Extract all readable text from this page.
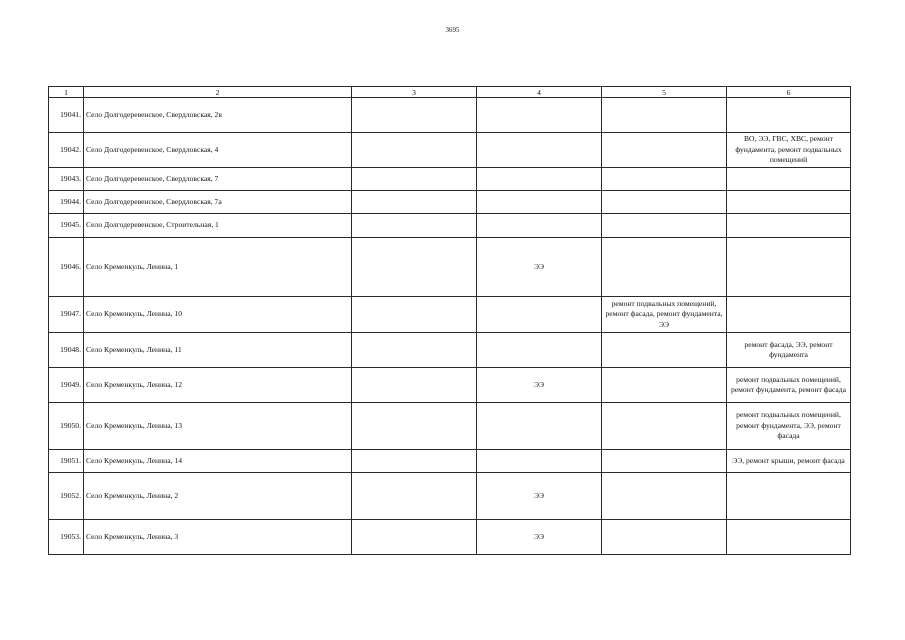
3695
1	2	3	4	5	6
19041.	Село Долгодеревенское, Свердловская, 2в				
19042.	Село Долгодеревенское, Свердловская, 4				ВО, ЭЭ, ГВС, ХВС, ремонт фундамента, ремонт подвальных помещений
19043.	Село Долгодеревенское, Свердловская, 7				
19044.	Село Долгодеревенское, Свердловская, 7а				
19045.	Село Долгодеревенское, Строительная, 1				
19046.	Село Кременкуль, Ленина, 1		ЭЭ		
19047.	Село Кременкуль, Ленина, 10			ремонт подвальных помещений, ремонт фасада, ремонт фундамента, ЭЭ	
19048.	Село Кременкуль, Ленина, 11				ремонт фасада, ЭЭ, ремонт фундамента
19049.	Село Кременкуль, Ленина, 12		ЭЭ		ремонт подвальных помещений, ремонт фундамента, ремонт фасада
19050.	Село Кременкуль, Ленина, 13				ремонт подвальных помещений, ремонт фундамента, ЭЭ, ремонт фасада
19051.	Село Кременкуль, Ленина, 14				ЭЭ, ремонт крыши, ремонт фасада
19052.	Село Кременкуль, Ленина, 2		ЭЭ		
19053.	Село Кременкуль, Ленина, 3		ЭЭ		
